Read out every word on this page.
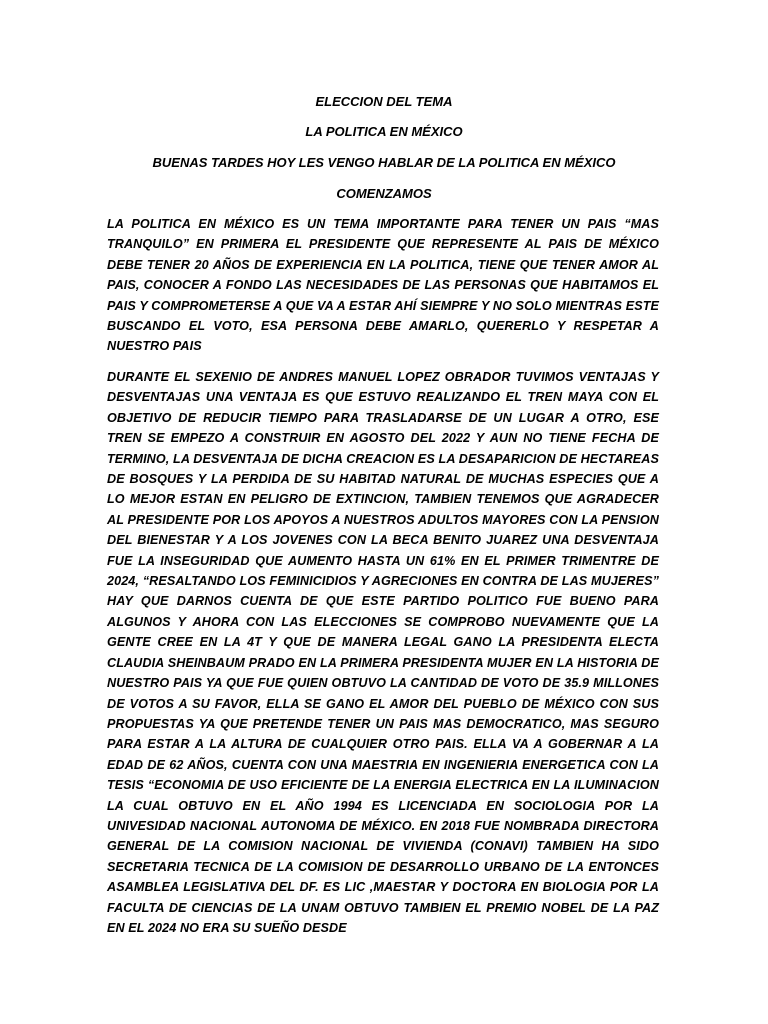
ELECCION DEL TEMA

LA POLITICA EN MÉXICO

BUENAS TARDES HOY LES VENGO HABLAR DE LA POLITICA EN MÉXICO

COMENZAMOS

LA POLITICA EN MÉXICO ES UN TEMA IMPORTANTE PARA TENER UN PAIS “MAS TRANQUILO” EN PRIMERA EL PRESIDENTE QUE REPRESENTE AL PAIS DE MÉXICO DEBE TENER 20 AÑOS DE EXPERIENCIA EN LA POLITICA, TIENE QUE TENER AMOR AL PAIS, CONOCER A FONDO LAS NECESIDADES DE LAS PERSONAS QUE HABITAMOS EL PAIS Y COMPROMETERSE A QUE VA A ESTAR AHÍ SIEMPRE Y NO SOLO MIENTRAS ESTE BUSCANDO EL VOTO, ESA PERSONA DEBE AMARLO, QUERERLO Y RESPETAR A NUESTRO PAIS

DURANTE EL SEXENIO DE ANDRES MANUEL LOPEZ OBRADOR TUVIMOS VENTAJAS Y DESVENTAJAS UNA VENTAJA ES QUE ESTUVO REALIZANDO EL TREN MAYA CON EL OBJETIVO DE REDUCIR TIEMPO PARA TRASLADARSE DE UN LUGAR A OTRO, ESE TREN SE EMPEZO A CONSTRUIR EN AGOSTO DEL 2022 Y AUN NO TIENE FECHA DE TERMINO, LA DESVENTAJA DE DICHA CREACION ES LA DESAPARICION DE HECTAREAS DE BOSQUES Y LA PERDIDA DE SU HABITAD NATURAL DE MUCHAS ESPECIES QUE A LO MEJOR ESTAN EN PELIGRO DE EXTINCION, TAMBIEN TENEMOS QUE AGRADECER AL PRESIDENTE POR LOS APOYOS A NUESTROS ADULTOS MAYORES CON LA PENSION DEL BIENESTAR Y A LOS JOVENES CON LA BECA BENITO JUAREZ UNA DESVENTAJA FUE LA INSEGURIDAD QUE AUMENTO HASTA UN 61% EN EL PRIMER TRIMENTRE DE 2024, “RESALTANDO LOS FEMINICIDIOS Y AGRECIONES EN CONTRA DE LAS MUJERES” HAY QUE DARNOS CUENTA DE QUE ESTE PARTIDO POLITICO FUE BUENO PARA ALGUNOS Y AHORA CON LAS ELECCIONES SE COMPROBO NUEVAMENTE QUE LA GENTE CREE EN LA 4T Y QUE DE MANERA LEGAL GANO LA PRESIDENTA ELECTA CLAUDIA SHEINBAUM PRADO EN LA PRIMERA PRESIDENTA MUJER EN LA HISTORIA DE NUESTRO PAIS YA QUE FUE QUIEN OBTUVO LA CANTIDAD DE VOTO DE 35.9 MILLONES DE VOTOS A SU FAVOR, ELLA SE GANO EL AMOR DEL PUEBLO DE MÉXICO CON SUS PROPUESTAS YA QUE PRETENDE TENER UN PAIS MAS DEMOCRATICO, MAS SEGURO PARA ESTAR A LA ALTURA DE CUALQUIER OTRO PAIS. ELLA VA A GOBERNAR A LA EDAD DE 62 AÑOS, CUENTA CON UNA MAESTRIA EN INGENIERIA ENERGETICA CON LA TESIS “ECONOMIA DE USO EFICIENTE DE LA ENERGIA ELECTRICA EN LA ILUMINACION LA CUAL OBTUVO EN EL AÑO 1994 ES LICENCIADA EN SOCIOLOGIA POR LA UNIVESIDAD NACIONAL AUTONOMA DE MÉXICO. EN 2018 FUE NOMBRADA DIRECTORA GENERAL DE LA COMISION NACIONAL DE VIVIENDA (CONAVI) TAMBIEN HA SIDO SECRETARIA TECNICA DE LA COMISION DE DESARROLLO URBANO DE LA ENTONCES ASAMBLEA LEGISLATIVA DEL DF. ES LIC ,MAESTAR Y DOCTORA EN BIOLOGIA POR LA FACULTA DE CIENCIAS DE LA UNAM OBTUVO TAMBIEN EL PREMIO NOBEL DE LA PAZ EN EL 2024 NO ERA SU SUEÑO DESDE
